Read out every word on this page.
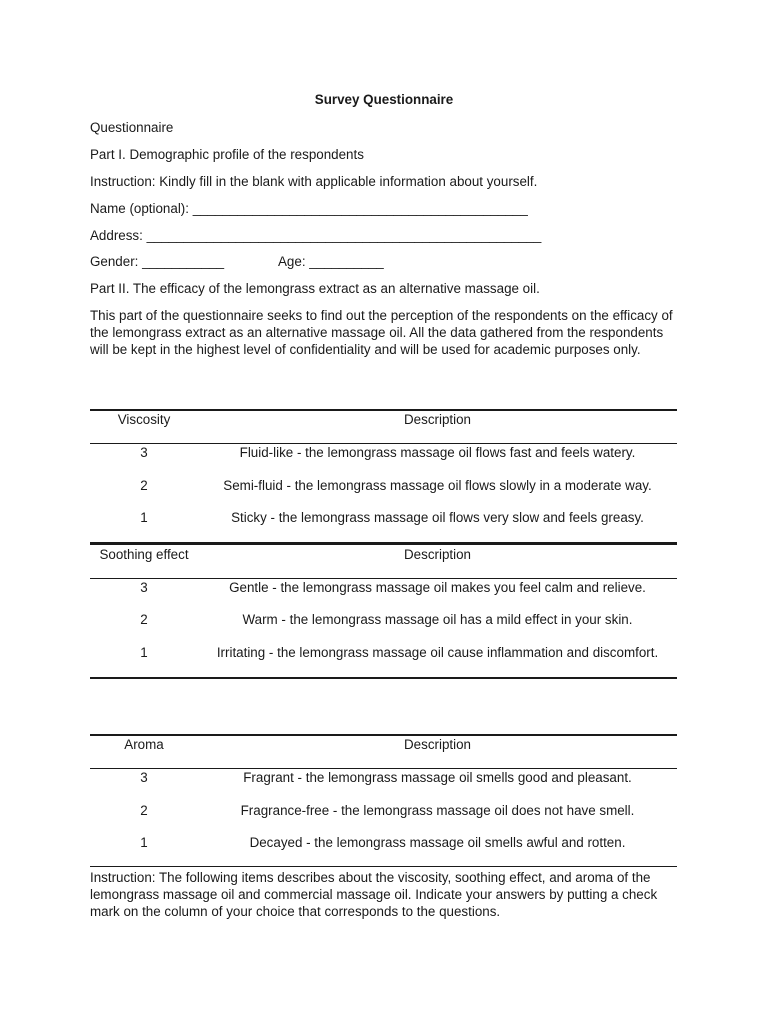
Survey Questionnaire
Questionnaire
Part I. Demographic profile of the respondents
Instruction: Kindly fill in the blank with applicable information about yourself.
Name (optional): _____________________________________________
Address: _____________________________________________________
Gender: ___________	Age: __________
Part II. The efficacy of the lemongrass extract as an alternative massage oil.
This part of the questionnaire seeks to find out the perception of the respondents on the efficacy of the lemongrass extract as an alternative massage oil. All the data gathered from the respondents will be kept in the highest level of confidentiality and will be used for academic purposes only.
Viscosity	Description
3	Fluid-like - the lemongrass massage oil flows fast and feels watery.
2	Semi-fluid - the lemongrass massage oil flows slowly in a moderate way.
1	Sticky - the lemongrass massage oil flows very slow and feels greasy.
Soothing effect	Description
3	Gentle - the lemongrass massage oil makes you feel calm and relieve.
2	Warm - the lemongrass massage oil has a mild effect in your skin.
1	Irritating - the lemongrass massage oil cause inflammation and discomfort.
Aroma	Description
3	Fragrant - the lemongrass massage oil smells good and pleasant.
2	Fragrance-free - the lemongrass massage oil does not have smell.
1	Decayed - the lemongrass massage oil smells awful and rotten.
Instruction: The following items describes about the viscosity, soothing effect, and aroma of the lemongrass massage oil and commercial massage oil. Indicate your answers by putting a check mark on the column of your choice that corresponds to the questions.
